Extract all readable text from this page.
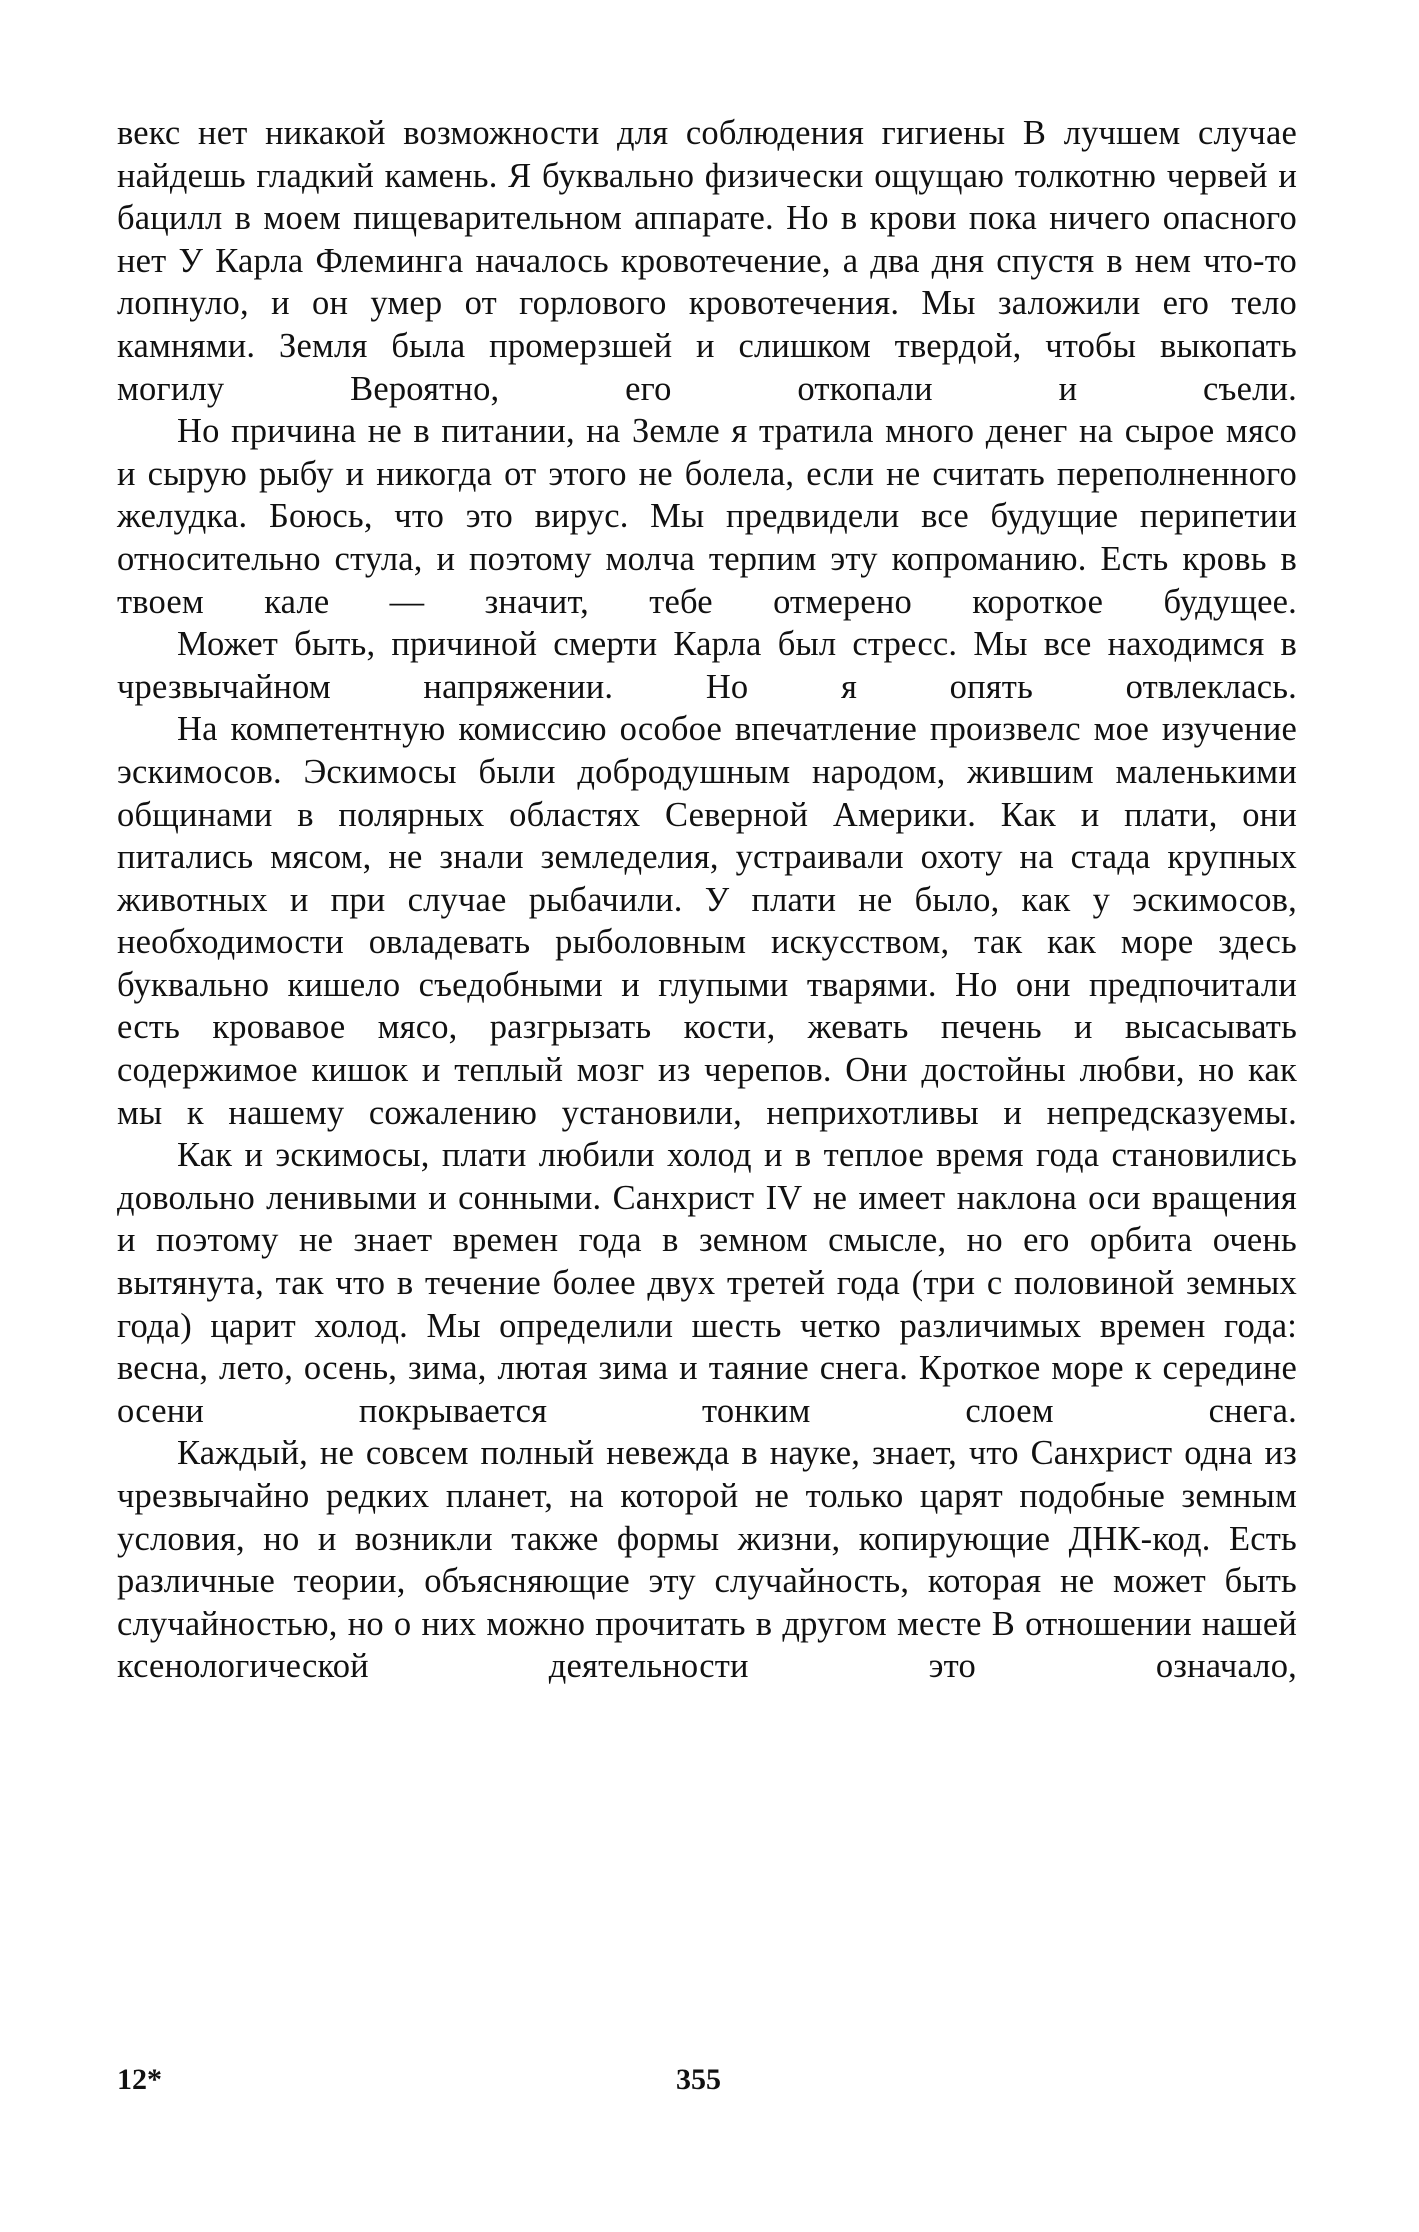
векс нет никакой возможности для соблюдения гигиены В лучшем случае найдешь гладкий камень. Я буквально физически ощущаю толкотню червей и бацилл в моем пищеварительном аппарате. Но в крови пока ничего опасного нет У Карла Флеминга началось кровотечение, а два дня спустя в нем что-то лопнуло, и он умер от горлового кровотечения. Мы заложили его тело камнями. Земля была промерзшей и слишком твердой, чтобы выкопать могилу Вероятно, его откопали и съели.

Но причина не в питании, на Земле я тратила много денег на сырое мясо и сырую рыбу и никогда от этого не болела, если не считать переполненного желудка. Боюсь, что это вирус. Мы предвидели все будущие перипетии относительно стула, и поэтому молча терпим эту копроманию. Есть кровь в твоем кале — значит, тебе отмерено короткое будущее.

Может быть, причиной смерти Карла был стресс. Мы все находимся в чрезвычайном напряжении. Но я опять отвлеклась.

На компетентную комиссию особое впечатление произвелс мое изучение эскимосов. Эскимосы были добродушным народом, жившим маленькими общинами в полярных областях Северной Америки. Как и плати, они питались мясом, не знали земледелия, устраивали охоту на стада крупных животных и при случае рыбачили. У плати не было, как у эскимосов, необходимости овладевать рыболовным искусством, так как море здесь буквально кишело съедобными и глупыми тварями. Но они предпочитали есть кровавое мясо, разгрызать кости, жевать печень и высасывать содержимое кишок и теплый мозг из черепов. Они достойны любви, но как мы к нашему сожалению установили, неприхотливы и непредсказуемы.

Как и эскимосы, плати любили холод и в теплое время года становились довольно ленивыми и сонными. Санхрист IV не имеет наклона оси вращения и поэтому не знает времен года в земном смысле, но его орбита очень вытянута, так что в течение более двух третей года (три с половиной земных года) царит холод. Мы определили шесть четко различимых времен года: весна, лето, осень, зима, лютая зима и таяние снега. Кроткое море к середине осени покрывается тонким слоем снега.

Каждый, не совсем полный невежда в науке, знает, что Санхрист одна из чрезвычайно редких планет, на которой не только царят подобные земным условия, но и возникли также формы жизни, копирующие ДНК-код. Есть различные теории, объясняющие эту случайность, которая не может быть случайностью, но о них можно прочитать в другом месте В отношении нашей ксенологической деятельности это означало,

12*	355
